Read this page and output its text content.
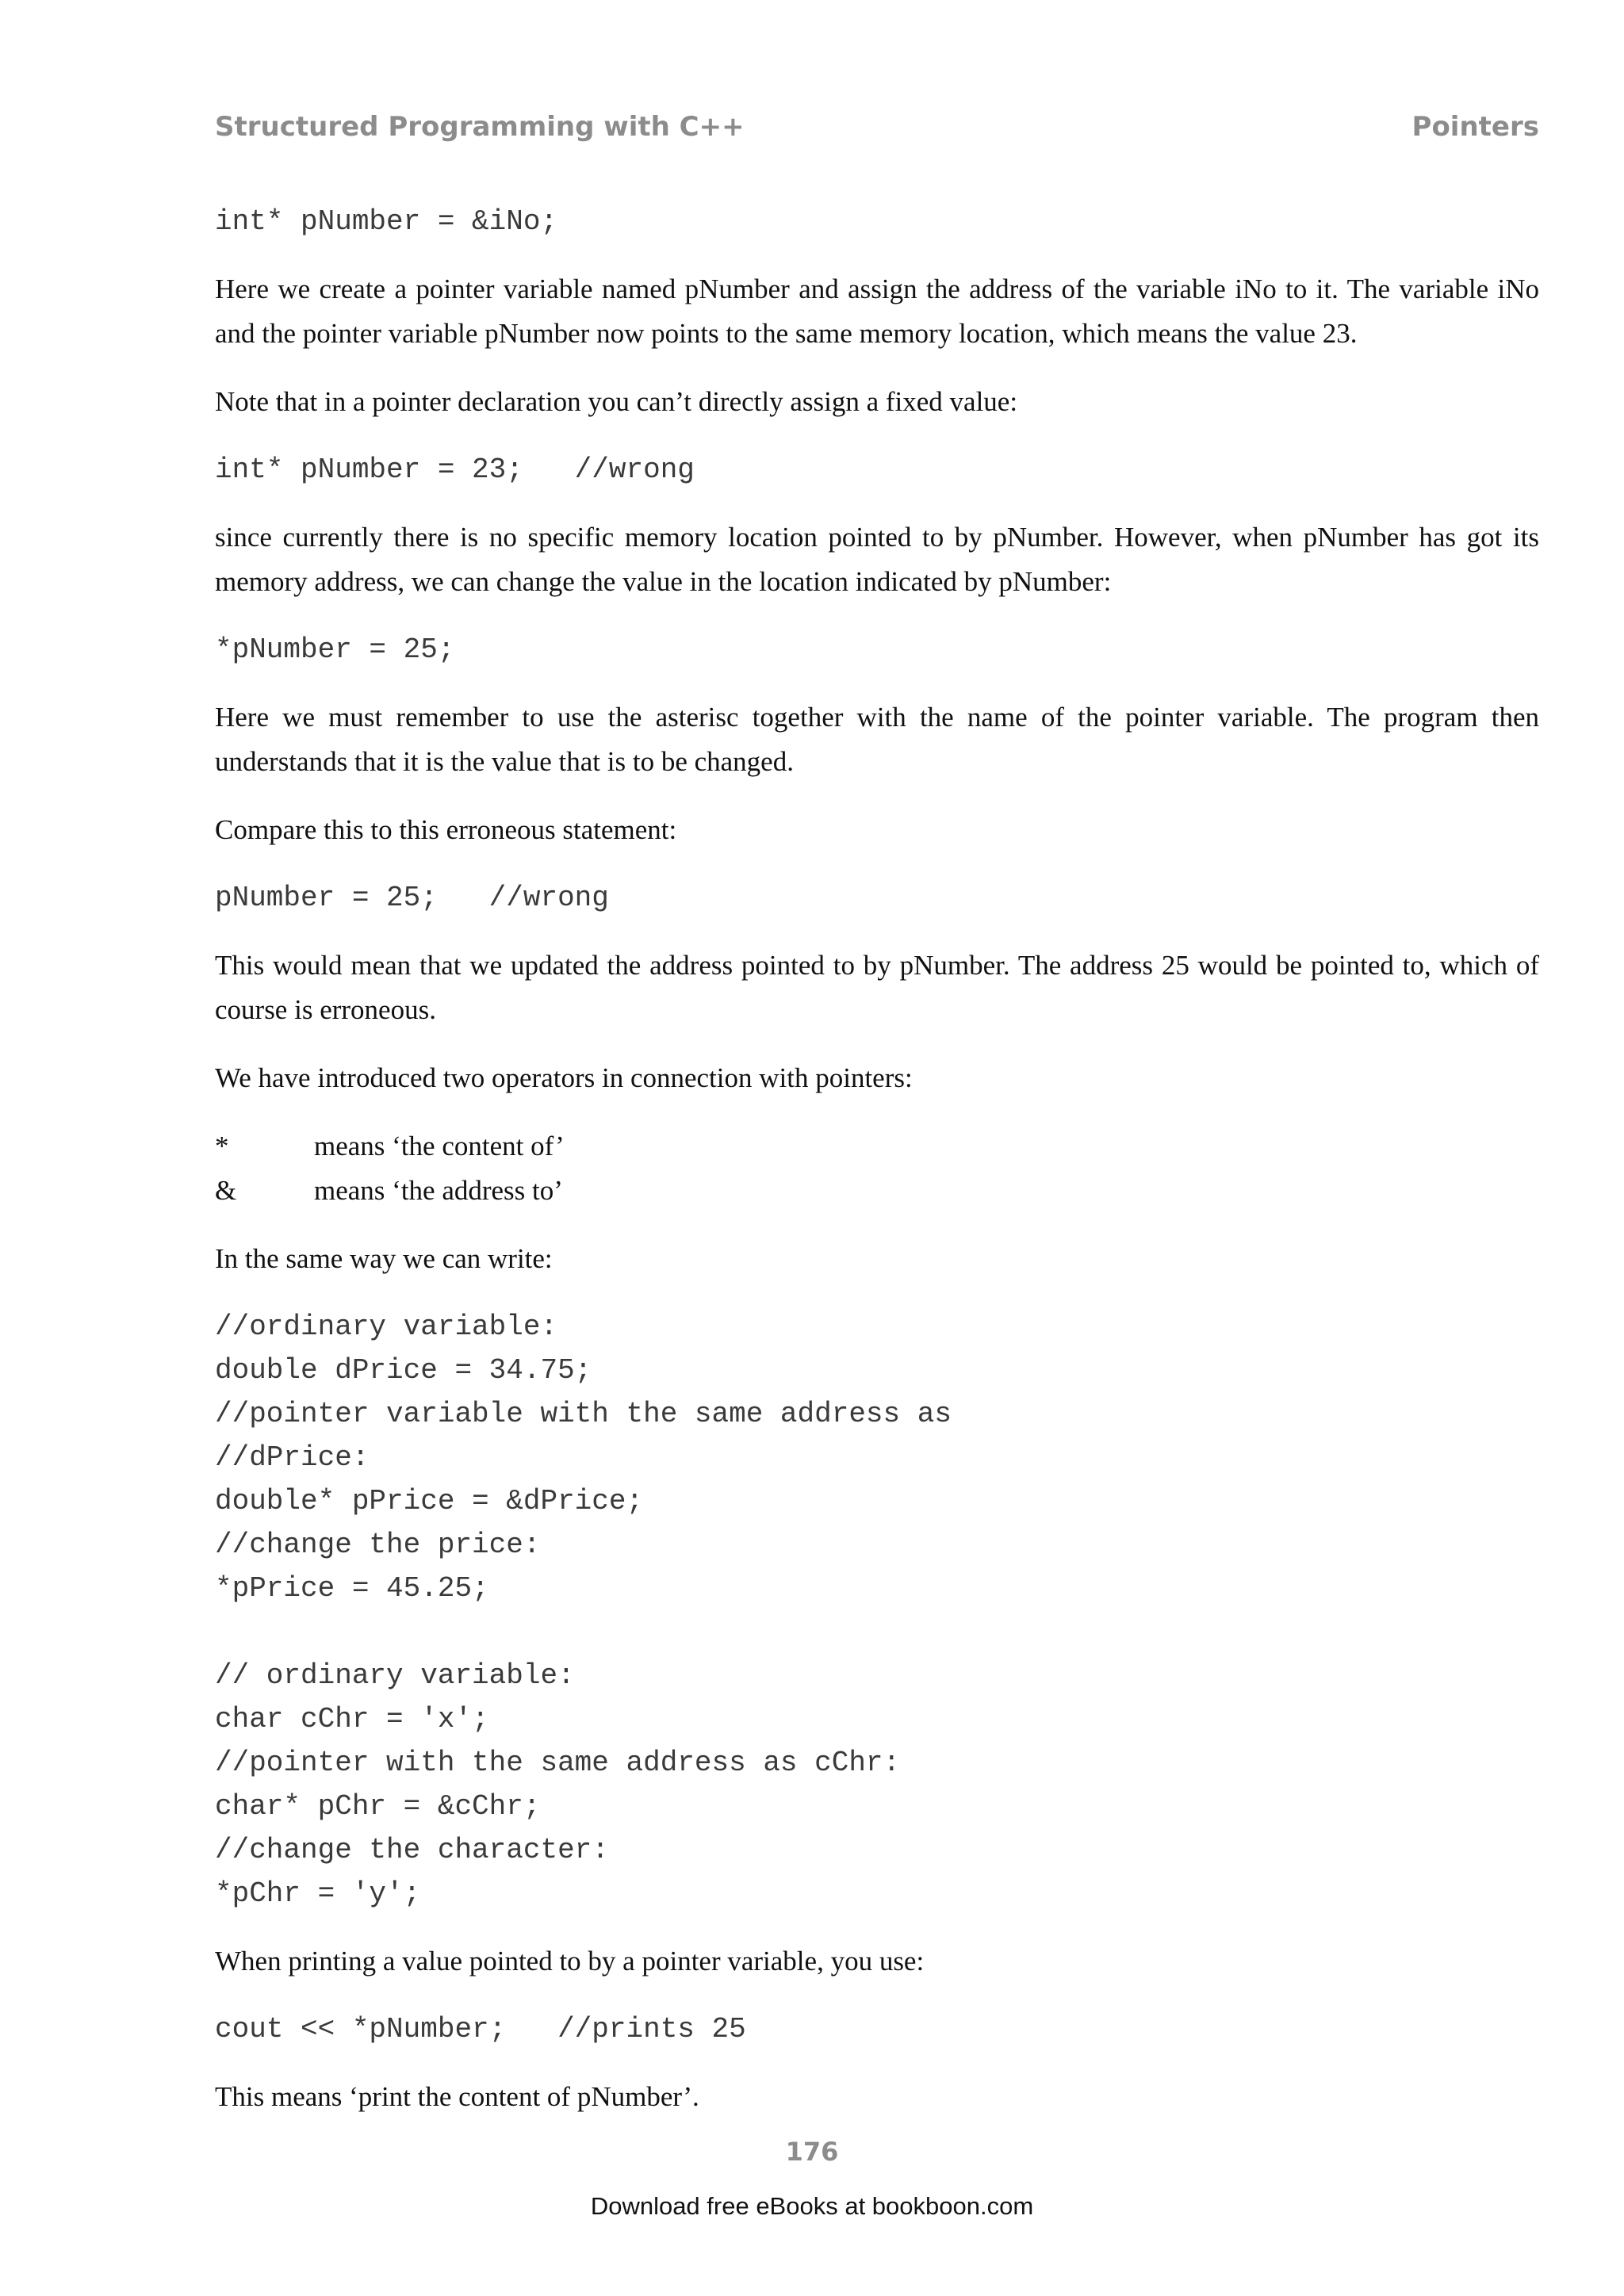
Structured Programming with C++	Pointers
int* pNumber = &iNo;
Here we create a pointer variable named pNumber and assign the address of the variable iNo to it. The variable iNo and the pointer variable pNumber now points to the same memory location, which means the value 23.
Note that in a pointer declaration you can’t directly assign a fixed value:
int* pNumber = 23;   //wrong
since currently there is no specific memory location pointed to by pNumber. However, when pNumber has got its memory address, we can change the value in the location indicated by pNumber:
*pNumber = 25;
Here we must remember to use the asterisc together with the name of the pointer variable. The program then understands that it is the value that is to be changed.
Compare this to this erroneous statement:
pNumber = 25;   //wrong
This would mean that we updated the address pointed to by pNumber. The address 25 would be pointed to, which of course is erroneous.
We have introduced two operators in connection with pointers:
*	means ‘the content of’
&	means ‘the address to’
In the same way we can write:
//ordinary variable:
double dPrice = 34.75;
//pointer variable with the same address as
//dPrice:
double* pPrice = &dPrice;
//change the price:
*pPrice = 45.25;

// ordinary variable:
char cChr = 'x';
//pointer with the same address as cChr:
char* pChr = &cChr;
//change the character:
*pChr = 'y';
When printing a value pointed to by a pointer variable, you use:
cout << *pNumber;   //prints 25
This means ‘print the content of pNumber’.
176
Download free eBooks at bookboon.com
